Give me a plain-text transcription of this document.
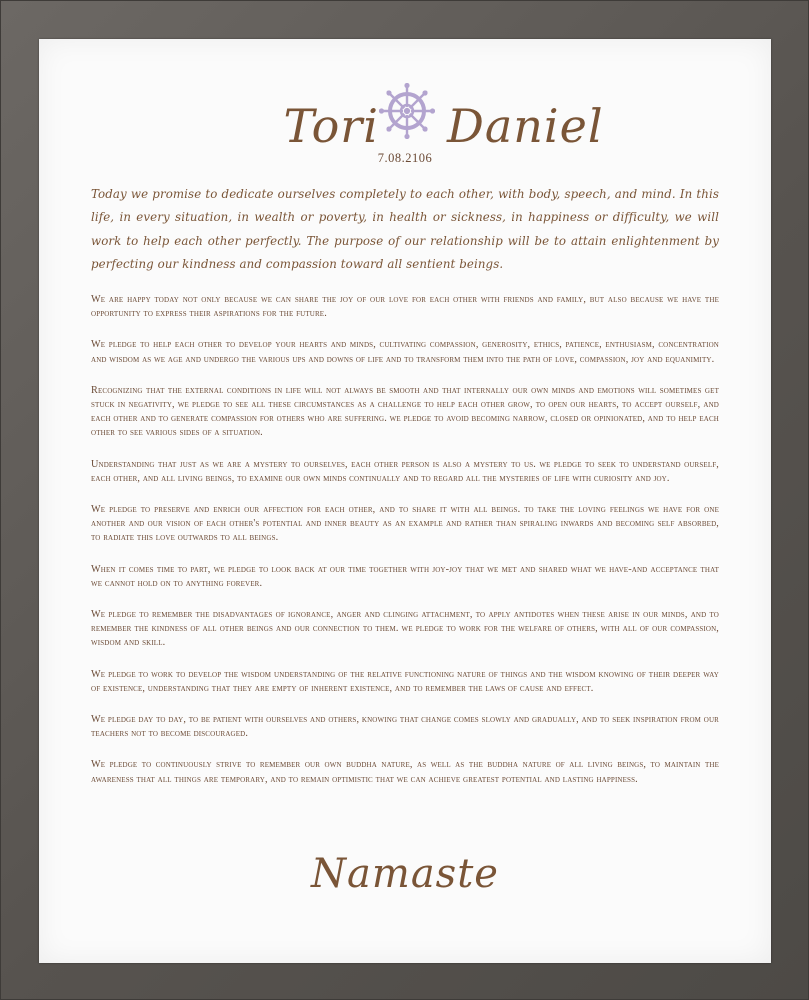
Tori Daniel
7.08.2106
Today we promise to dedicate ourselves completely to each other, with body, speech, and mind. In this life, in every situation, in wealth or poverty, in health or sickness, in happiness or difficulty, we will work to help each other perfectly. The purpose of our relationship will be to attain enlightenment by perfecting our kindness and compassion toward all sentient beings.

We are happy today not only because we can share the joy of our love for each other with friends and family, but also because we have the opportunity to express their aspirations for the future.

We pledge to help each other to develop your hearts and minds, cultivating compassion, generosity, ethics, patience, enthusiasm, concentration and wisdom as we age and undergo the various ups and downs of life and to transform them into the path of love, compassion, joy and equanimity.

Recognizing that the external conditions in life will not always be smooth and that internally our own minds and emotions will sometimes get stuck in negativity, we pledge to see all these circumstances as a challenge to help each other grow, to open our hearts, to accept ourself, and each other and to generate compassion for others who are suffering. we pledge to avoid becoming narrow, closed or opinionated, and to help each other to see various sides of a situation.

Understanding that just as we are a mystery to ourselves, each other person is also a mystery to us. we pledge to seek to understand ourself, each other, and all living beings, to examine our own minds continually and to regard all the mysteries of life with curiosity and joy.

We pledge to preserve and enrich our affection for each other, and to share it with all beings. to take the loving feelings we have for one another and our vision of each other's potential and inner beauty as an example and rather than spiraling inwards and becoming self absorbed, to radiate this love outwards to all beings.

When it comes time to part, we pledge to look back at our time together with joy-joy that we met and shared what we have-and acceptance that we cannot hold on to anything forever.

We pledge to remember the disadvantages of ignorance, anger and clinging attachment, to apply antidotes when these arise in our minds, and to remember the kindness of all other beings and our connection to them. we pledge to work for the welfare of others, with all of our compassion, wisdom and skill.

We pledge to work to develop the wisdom understanding of the relative functioning nature of things and the wisdom knowing of their deeper way of existence, understanding that they are empty of inherent existence, and to remember the laws of cause and effect.

We pledge day to day, to be patient with ourselves and others, knowing that change comes slowly and gradually, and to seek inspiration from our teachers not to become discouraged.

We pledge to continuously strive to remember our own buddha nature, as well as the buddha nature of all living beings, to maintain the awareness that all things are temporary, and to remain optimistic that we can achieve greatest potential and lasting happiness.

Namaste
